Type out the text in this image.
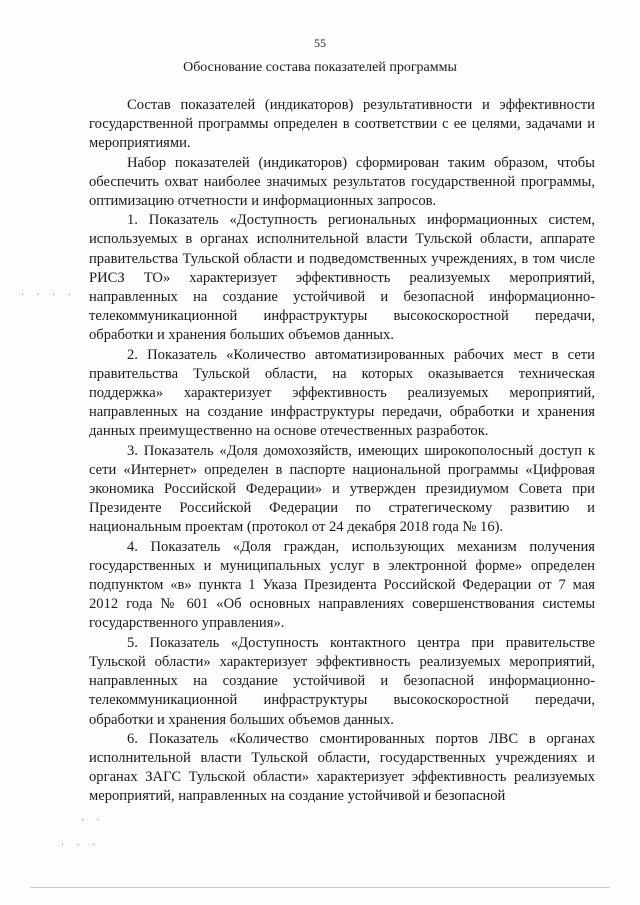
55
Обоснование состава показателей программы

Состав показателей (индикаторов) результативности и эффективности государственной программы определен в соответствии с ее целями, задачами и мероприятиями.

Набор показателей (индикаторов) сформирован таким образом, чтобы обеспечить охват наиболее значимых результатов государственной программы, оптимизацию отчетности и информационных запросов.

1. Показатель «Доступность региональных информационных систем, используемых в органах исполнительной власти Тульской области, аппарате правительства Тульской области и подведомственных учреждениях, в том числе РИСЗ ТО» характеризует эффективность реализуемых мероприятий, направленных на создание устойчивой и безопасной информационно-телекоммуникационной инфраструктуры высокоскоростной передачи, обработки и хранения больших объемов данных.

2. Показатель «Количество автоматизированных рабочих мест в сети правительства Тульской области, на которых оказывается техническая поддержка» характеризует эффективность реализуемых мероприятий, направленных на создание инфраструктуры передачи, обработки и хранения данных преимущественно на основе отечественных разработок.

3. Показатель «Доля домохозяйств, имеющих широкополосный доступ к сети «Интернет» определен в паспорте национальной программы «Цифровая экономика Российской Федерации» и утвержден президиумом Совета при Президенте Российской Федерации по стратегическому развитию и национальным проектам (протокол от 24 декабря 2018 года № 16).

4. Показатель «Доля граждан, использующих механизм получения государственных и муниципальных услуг в электронной форме» определен подпунктом «в» пункта 1 Указа Президента Российской Федерации от 7 мая 2012 года № 601 «Об основных направлениях совершенствования системы государственного управления».

5. Показатель «Доступность контактного центра при правительстве Тульской области» характеризует эффективность реализуемых мероприятий, направленных на создание устойчивой и безопасной информационно-телекоммуникационной инфраструктуры высокоскоростной передачи, обработки и хранения больших объемов данных.

6. Показатель «Количество смонтированных портов ЛВС в органах исполнительной власти Тульской области, государственных учреждениях и органах ЗАГС Тульской области» характеризует эффективность реализуемых мероприятий, направленных на создание устойчивой и безопасной

· · · ·
· ·
· · ·
